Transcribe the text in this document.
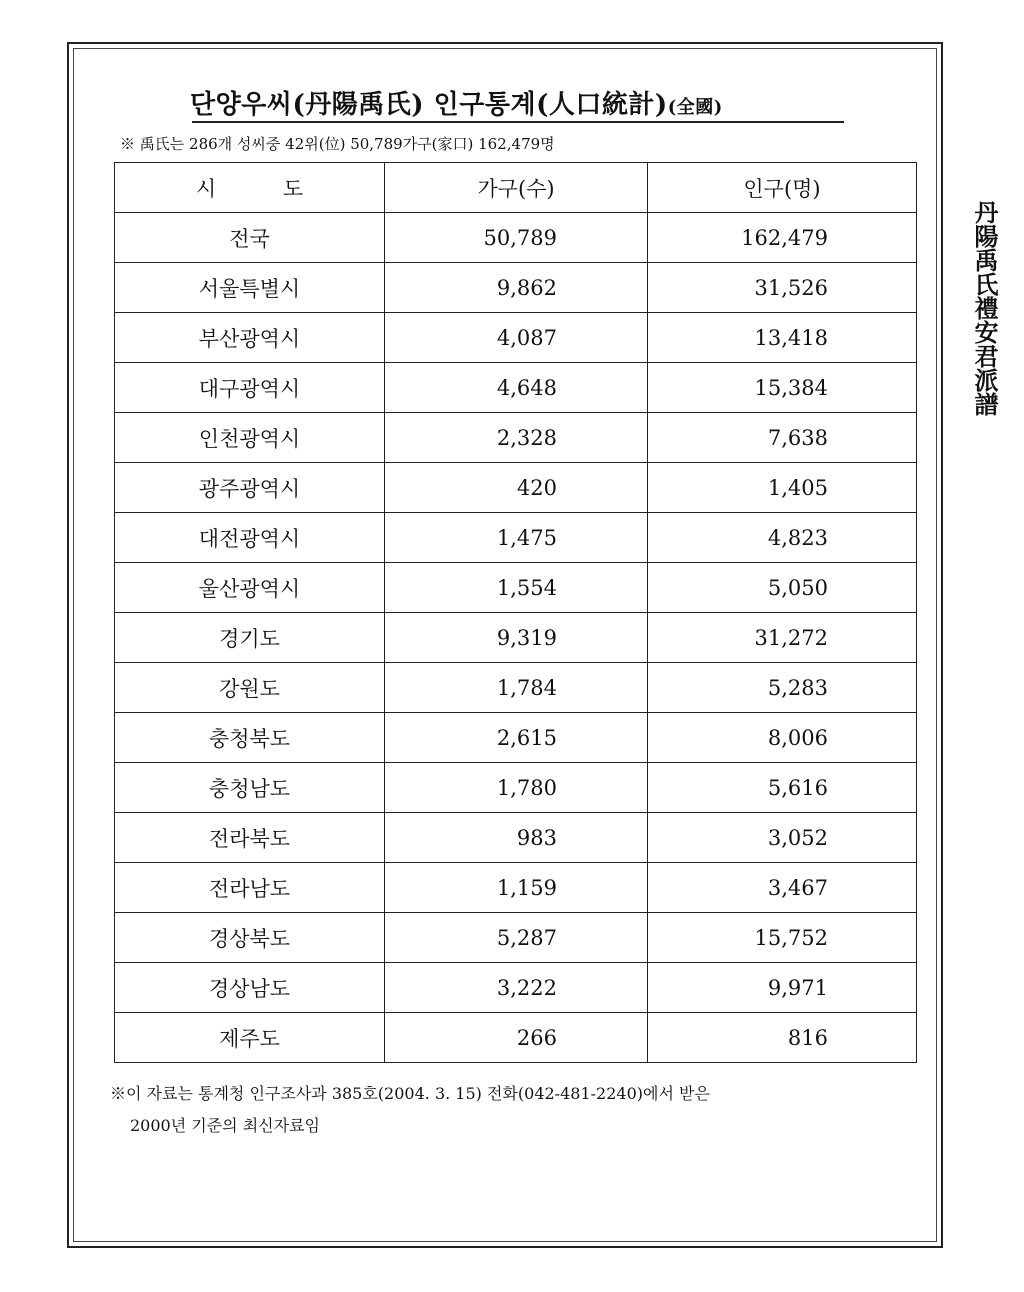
단양우씨(丹陽禹氏) 인구통계(人口統計)(全國)
※ 禹氏는 286개 성씨중 42위(位) 50,789가구(家口) 162,479명
시 도	가구(수)	인구(명)
전국	50,789	162,479
서울특별시	9,862	31,526
부산광역시	4,087	13,418
대구광역시	4,648	15,384
인천광역시	2,328	7,638
광주광역시	420	1,405
대전광역시	1,475	4,823
울산광역시	1,554	5,050
경기도	9,319	31,272
강원도	1,784	5,283
충청북도	2,615	8,006
충청남도	1,780	5,616
전라북도	983	3,052
전라남도	1,159	3,467
경상북도	5,287	15,752
경상남도	3,222	9,971
제주도	266	816
※이 자료는 통계청 인구조사과 385호(2004. 3. 15) 전화(042-481-2240)에서 받은
2000년 기준의 최신자료임
丹陽禹氏禮安君派譜
